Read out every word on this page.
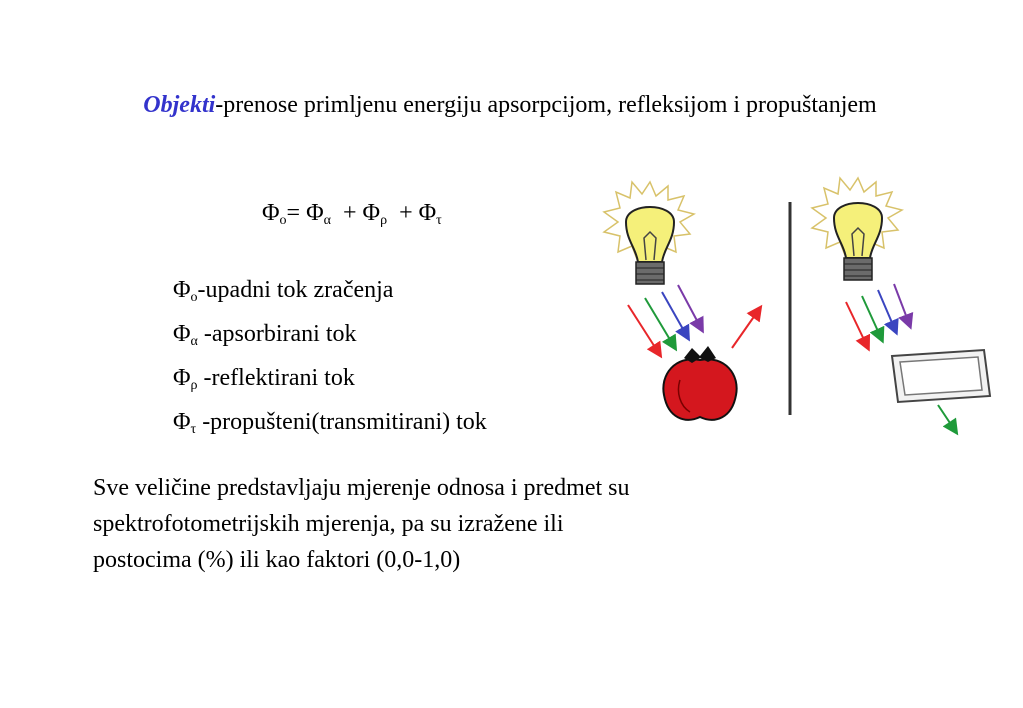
Objekti-prenose primljenu energiju apsorpcijom, refleksijom i propuštanjem
$\Phi_o= \Phi_\alpha + \Phi_\rho + \Phi_\tau$
$\Phi_o$-upadni tok zračenja
$\Phi_\alpha$ -apsorbirani tok
$\Phi_\rho$ -reflektirani tok
$\Phi_\tau$ -propušteni(transmitirani) tok
Sve veličine predstavljaju mjerenje odnosa i predmet su
spektrofotometrijskih mjerenja, pa su izražene ili
postocima (%) ili kao faktori (0,0-1,0)
